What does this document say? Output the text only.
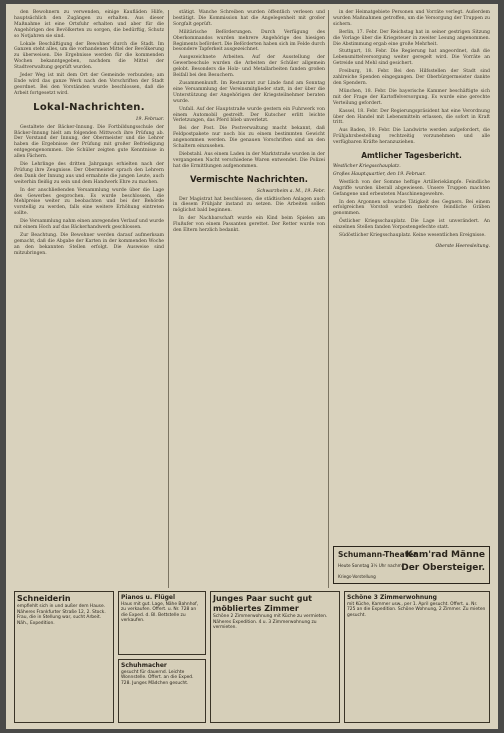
den Bewohnern zu verwenden, einige Kaufläden Hilfe, hauptsächlich den Zugängen zu erhalten. Aus dieser Maßnahme ist eine Ortsfuhr erhalten und aber für die Angehörigen des Bevölkerten zu sorgen, die bedürftig, Schutz so Notjahren sie sind.

Lokale Beschäftigung der Bewohner durch die Stadt. Im Ganzen steht alles, um die vorhandenen Mittel der Bevölkerung zu überweisen. Die Ergebnisse werden für die kommenden Wochen bekanntgegeben, nachdem die Mittel der Stadtverwaltung geprüft wurden.

Jeder Weg ist mit dem Ort der Gemeinde verbunden; am Ende wird das ganze Werk nach den Vorschriften der Stadt geordnet. Bei den Vorständen wurde beschlossen, daß die Arbeit fortgesetzt wird.

Lokal-Nachrichten.

19. Februar.

Gestaltete der Bäcker-Innung. Die Fortbildungsschule der Bäcker-Innung hielt am folgenden Mittwoch ihre Prüfung ab. Der Vorstand der Innung, der Obermeister und die Lehrer haben die Ergebnisse der Prüfung mit großer Befriedigung entgegengenommen. Die Schüler zeigten gute Kenntnisse in allen Fächern.

Die Lehrlinge des dritten Jahrgangs erhielten nach der Prüfung ihre Zeugnisse. Der Obermeister sprach den Lehrern den Dank der Innung aus und ermahnte die jungen Leute, auch weiterhin fleißig zu sein und dem Handwerk Ehre zu machen.

In der anschließenden Versammlung wurde über die Lage des Gewerbes gesprochen. Es wurde beschlossen, die Mehlpreise weiter zu beobachten und bei der Behörde vorstellig zu werden, falls eine weitere Erhöhung eintreten sollte.

Die Versammlung nahm einen anregenden Verlauf und wurde mit einem Hoch auf das Bäckerhandwerk geschlossen.

Zur Beachtung. Die Bewohner werden darauf aufmerksam gemacht, daß die Abgabe der Karten in der kommenden Woche an den bekannten Stellen erfolgt. Die Ausweise sind mitzubringen.

stätigt. Wanche Schreiben wurden öffentlich verlesen und bestätigt. Die Kommission hat die Angelegenheit mit großer Sorgfalt geprüft.

Militärische Beförderungen. Durch Verfügung des Oberkommandos wurden mehrere Angehörige des hiesigen Regiments befördert. Die Beförderten haben sich im Felde durch besondere Tapferkeit ausgezeichnet.

Ausgezeichnete Arbeiten. Auf der Ausstellung der Gewerbeschule wurden die Arbeiten der Schüler allgemein gelobt. Besonders die Holz- und Metallarbeiten fanden großen Beifall bei den Besuchern.

Zusammenkunft. Im Restaurant zur Linde fand am Sonntag eine Versammlung der Vereinsmitglieder statt, in der über die Unterstützung der Angehörigen der Kriegsteilnehmer beraten wurde.

Unfall. Auf der Hauptstraße wurde gestern ein Fuhrwerk von einem Automobil gestreift. Der Kutscher erlitt leichte Verletzungen, das Pferd blieb unverletzt.

Bei der Post. Die Postverwaltung macht bekannt, daß Feldpostpakete nur noch bis zu einem bestimmten Gewicht angenommen werden. Die genauen Vorschriften sind an den Schaltern einzusehen.

Diebstahl. Aus einem Laden in der Marktstraße wurden in der vergangenen Nacht verschiedene Waren entwendet. Die Polizei hat die Ermittlungen aufgenommen.

Vermischte Nachrichten.

Schwarzheim a. M., 19. Febr.

Der Magistrat hat beschlossen, die städtischen Anlagen auch in diesem Frühjahr instand zu setzen. Die Arbeiten sollen möglichst bald beginnen.

In der Nachbarschaft wurde ein Kind beim Spielen am Flußufer von einem Passanten gerettet. Der Retter wurde von den Eltern herzlich bedankt.

in der Heimatgebiete Personen und Vorräte verlegt. Außerdem wurden Maßnahmen getroffen, um die Versorgung der Truppen zu sichern.

Berlin, 17. Febr. Der Reichstag hat in seiner gestrigen Sitzung die Vorlage über die Kriegsteuer in zweiter Lesung angenommen. Die Abstimmung ergab eine große Mehrheit.

Stuttgart, 18. Febr. Die Regierung hat angeordnet, daß die Lebensmittelversorgung weiter geregelt wird. Die Vorräte an Getreide und Mehl sind gesichert.

Freiburg, 18. Febr. Bei den Hilfsstellen der Stadt sind zahlreiche Spenden eingegangen. Der Oberbürgermeister dankte den Spendern.

München, 18. Febr. Die bayerische Kammer beschäftigte sich mit der Frage der Kartoffelversorgung. Es wurde eine gerechte Verteilung gefordert.

Kassel, 18. Febr. Der Regierungspräsident hat eine Verordnung über den Handel mit Lebensmitteln erlassen, die sofort in Kraft tritt.

Aus Baden, 19. Febr. Die Landwirte werden aufgefordert, die Frühjahrsbestellung rechtzeitig vorzunehmen und alle verfügbaren Kräfte heranzuziehen.

Amtlicher Tagesbericht.

Westlicher Kriegsschauplatz.

Großes Hauptquartier, den 19. Februar.

Westlich von der Somme heftige Artilleriekämpfe. Feindliche Angriffe wurden überall abgewiesen. Unsere Truppen machten Gefangene und erbeuteten Maschinengewehre.

In den Argonnen schwache Tätigkeit des Gegners. Bei einem erfolgreichen Vorstoß wurden mehrere feindliche Gräben genommen.

Östlicher Kriegsschauplatz. Die Lage ist unverändert. An einzelnen Stellen fanden Vorpostengefechte statt.

Südöstlicher Kriegsschauplatz. Keine wesentlichen Ereignisse.

Oberste Heeresleitung.

Schumann-Theater
Kam'rad Männe
Heute Sonntag 3½ Uhr nachm.
Der Obersteiger.
Kriegs-Vorstellung
Schneiderin
empfiehlt sich in und außer dem Hause. Näheres Frankfurter Straße 12, 2. Stock. Frau, die in Stellung war, sucht Arbeit. Näh., Expedition.
Pianos u. Flügel
Haus mit gut. Lage, Nähe Bahnhof, zu verkaufen. Offert. u. Nr. 728 an die Exped. d. Bl. Bettstelle zu verkaufen.
Schuhmacher
gesucht für dauernd. Leichte Wonnstelle. Offert. an die Exped. 728. Junges Mädchen gesucht.
Junges Paar sucht gut möbliertes Zimmer
Schöne 2 Zimmerwohnung mit Küche zu vermieten. Näheres Expedition. 4 u. 3 Zimmerwohnung zu vermieten.
Schöne 3 Zimmerwohnung
mit Küche, Kammer usw., per 1. April gesucht. Offert. u. Nr. 725 an die Expedition. Schöne Wohnung, 2 Zimmer. Zu mieten gesucht.
